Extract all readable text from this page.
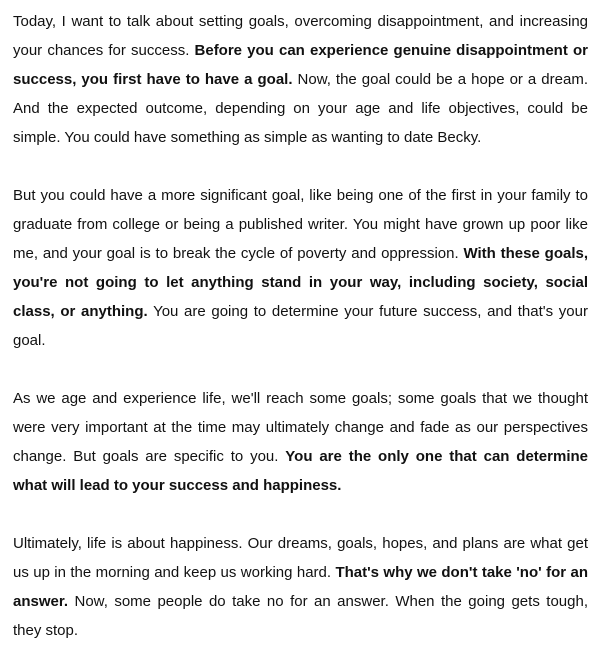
Today, I want to talk about setting goals, overcoming disappointment, and increasing your chances for success. Before you can experience genuine disappointment or success, you first have to have a goal. Now, the goal could be a hope or a dream. And the expected outcome, depending on your age and life objectives, could be simple. You could have something as simple as wanting to date Becky.

But you could have a more significant goal, like being one of the first in your family to graduate from college or being a published writer. You might have grown up poor like me, and your goal is to break the cycle of poverty and oppression. With these goals, you're not going to let anything stand in your way, including society, social class, or anything. You are going to determine your future success, and that's your goal.

As we age and experience life, we'll reach some goals; some goals that we thought were very important at the time may ultimately change and fade as our perspectives change. But goals are specific to you. You are the only one that can determine what will lead to your success and happiness.

Ultimately, life is about happiness. Our dreams, goals, hopes, and plans are what get us up in the morning and keep us working hard. That's why we don't take 'no' for an answer. Now, some people do take no for an answer. When the going gets tough, they stop.
